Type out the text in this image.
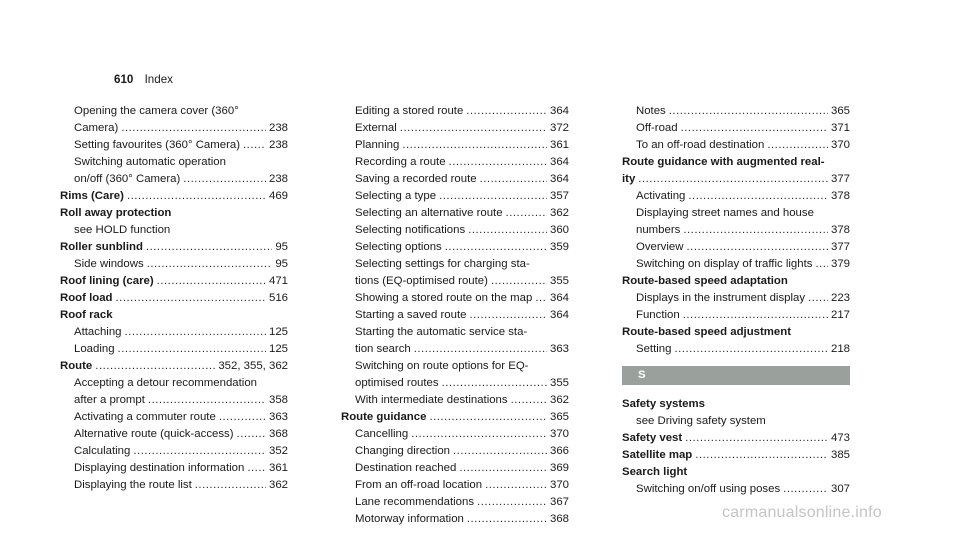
610 Index
Opening the camera cover (360°
Camera) .....	238
Setting favourites (360° Camera) .....	238
Switching automatic operation
on/off (360° Camera) .....	238
Rims (Care) .....	469
Roll away protection
see HOLD function
Roller sunblind .....	95
Side windows .....	95
Roof lining (care) .....	471
Roof load .....	516
Roof rack
Attaching .....	125
Loading .....	125
Route .....	352, 355, 362
Accepting a detour recommendation
after a prompt .....	358
Activating a commuter route .....	363
Alternative route (quick-access) .....	368
Calculating .....	352
Displaying destination information ..... 361
Displaying the route list .....	362
Editing a stored route .....	364
External .....	372
Planning .....	361
Recording a route .....	364
Saving a recorded route .....	364
Selecting a type .....	357
Selecting an alternative route .....	362
Selecting notifications .....	360
Selecting options .....	359
Selecting settings for charging sta-
tions (EQ-optimised route) .....	355
Showing a stored route on the map ..... 364
Starting a saved route .....	364
Starting the automatic service sta-
tion search .....	363
Switching on route options for EQ-
optimised routes .....	355
With intermediate destinations .....	362
Route guidance .....	365
Cancelling .....	370
Changing direction .....	366
Destination reached .....	369
From an off-road location .....	370
Lane recommendations .....	367
Motorway information .....	368
Notes .....	365
Off-road .....	371
To an off-road destination .....	370
Route guidance with augmented real-
ity .....	377
Activating .....	378
Displaying street names and house
numbers .....	378
Overview .....	377
Switching on display of traffic lights ..... 379
Route-based speed adaptation
Displays in the instrument display ..... 223
Function .....	217
Route-based speed adjustment
Setting .....	218
S
Safety systems
see Driving safety system
Safety vest .....	473
Satellite map .....	385
Search light
Switching on/off using poses .....	307
carmanualsonline.info
